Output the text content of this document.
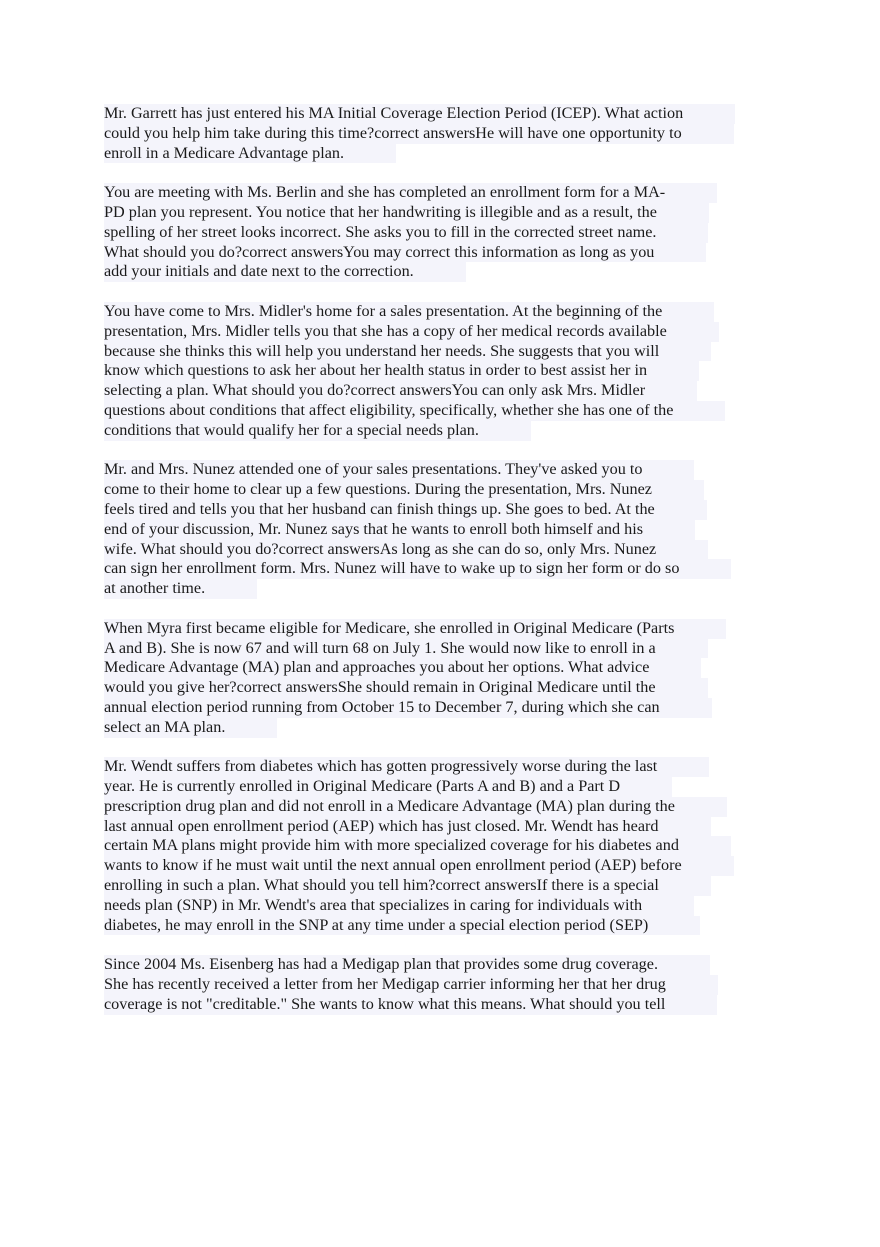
Mr. Garrett has just entered his MA Initial Coverage Election Period (ICEP). What action
could you help him take during this time?correct answersHe will have one opportunity to
enroll in a Medicare Advantage plan.
You are meeting with Ms. Berlin and she has completed an enrollment form for a MA-
PD plan you represent. You notice that her handwriting is illegible and as a result, the
spelling of her street looks incorrect. She asks you to fill in the corrected street name.
What should you do?correct answersYou may correct this information as long as you
add your initials and date next to the correction.
You have come to Mrs. Midler's home for a sales presentation. At the beginning of the
presentation, Mrs. Midler tells you that she has a copy of her medical records available
because she thinks this will help you understand her needs. She suggests that you will
know which questions to ask her about her health status in order to best assist her in
selecting a plan. What should you do?correct answersYou can only ask Mrs. Midler
questions about conditions that affect eligibility, specifically, whether she has one of the
conditions that would qualify her for a special needs plan.
Mr. and Mrs. Nunez attended one of your sales presentations. They've asked you to
come to their home to clear up a few questions. During the presentation, Mrs. Nunez
feels tired and tells you that her husband can finish things up. She goes to bed. At the
end of your discussion, Mr. Nunez says that he wants to enroll both himself and his
wife. What should you do?correct answersAs long as she can do so, only Mrs. Nunez
can sign her enrollment form. Mrs. Nunez will have to wake up to sign her form or do so
at another time.
When Myra first became eligible for Medicare, she enrolled in Original Medicare (Parts
A and B). She is now 67 and will turn 68 on July 1. She would now like to enroll in a
Medicare Advantage (MA) plan and approaches you about her options. What advice
would you give her?correct answersShe should remain in Original Medicare until the
annual election period running from October 15 to December 7, during which she can
select an MA plan.
Mr. Wendt suffers from diabetes which has gotten progressively worse during the last
year. He is currently enrolled in Original Medicare (Parts A and B) and a Part D
prescription drug plan and did not enroll in a Medicare Advantage (MA) plan during the
last annual open enrollment period (AEP) which has just closed. Mr. Wendt has heard
certain MA plans might provide him with more specialized coverage for his diabetes and
wants to know if he must wait until the next annual open enrollment period (AEP) before
enrolling in such a plan. What should you tell him?correct answersIf there is a special
needs plan (SNP) in Mr. Wendt's area that specializes in caring for individuals with
diabetes, he may enroll in the SNP at any time under a special election period (SEP)
Since 2004 Ms. Eisenberg has had a Medigap plan that provides some drug coverage.
She has recently received a letter from her Medigap carrier informing her that her drug
coverage is not "creditable." She wants to know what this means. What should you tell
